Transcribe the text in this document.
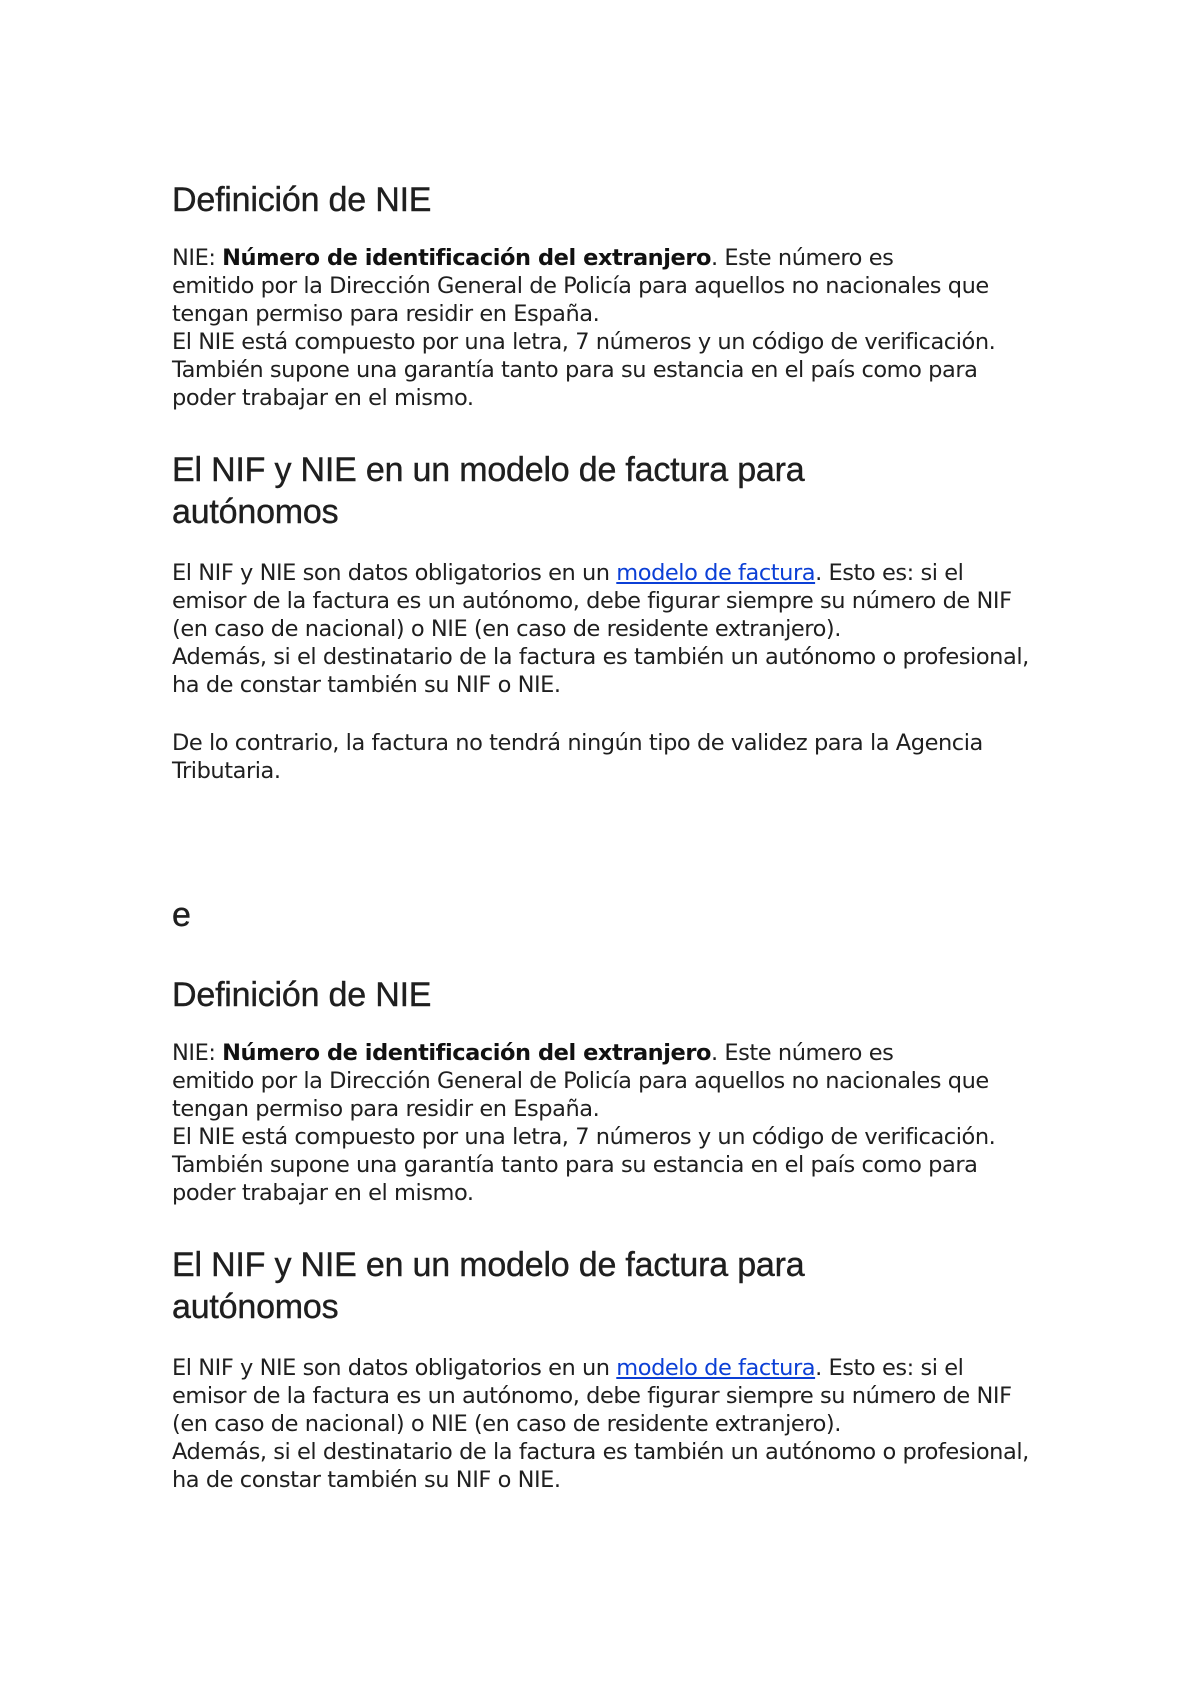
Definición de NIE

NIE: Número de identificación del extranjero. Este número es

emitido por la Dirección General de Policía para aquellos no nacionales que

tengan permiso para residir en España.

El NIE está compuesto por una letra, 7 números y un código de verificación.

También supone una garantía tanto para su estancia en el país como para

poder trabajar en el mismo.

El NIF y NIE en un modelo de factura para
autónomos

El NIF y NIE son datos obligatorios en un modelo de factura. Esto es: si el

emisor de la factura es un autónomo, debe figurar siempre su número de NIF

(en caso de nacional) o NIE (en caso de residente extranjero).

Además, si el destinatario de la factura es también un autónomo o profesional,

ha de constar también su NIF o NIE.

De lo contrario, la factura no tendrá ningún tipo de validez para la Agencia

Tributaria.

e
Definición de NIE

NIE: Número de identificación del extranjero. Este número es

emitido por la Dirección General de Policía para aquellos no nacionales que

tengan permiso para residir en España.

El NIE está compuesto por una letra, 7 números y un código de verificación.

También supone una garantía tanto para su estancia en el país como para

poder trabajar en el mismo.

El NIF y NIE en un modelo de factura para
autónomos

El NIF y NIE son datos obligatorios en un modelo de factura. Esto es: si el

emisor de la factura es un autónomo, debe figurar siempre su número de NIF

(en caso de nacional) o NIE (en caso de residente extranjero).

Además, si el destinatario de la factura es también un autónomo o profesional,

ha de constar también su NIF o NIE.
